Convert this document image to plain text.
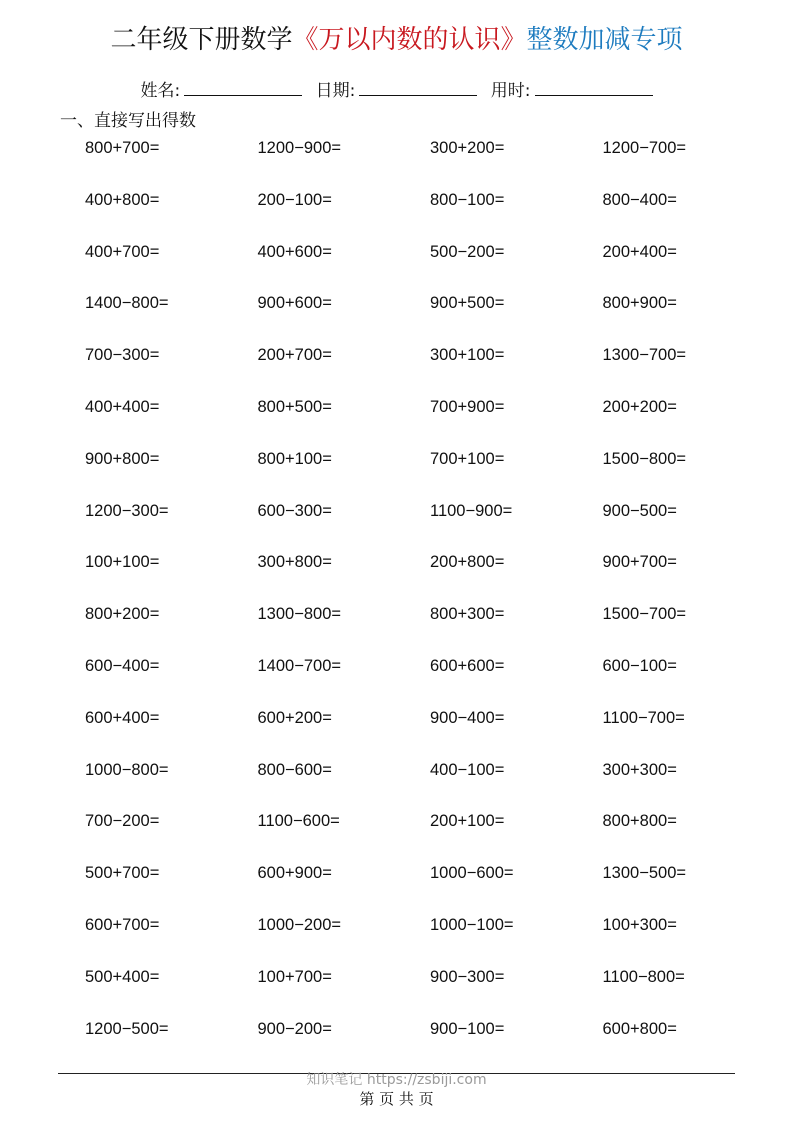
二年级下册数学《万以内数的认识》整数加减专项
姓名:	日期:	用时:
一、直接写出得数
800+700=	1200−900=	300+200=	1200−700=
400+800=	200−100=	800−100=	800−400=
400+700=	400+600=	500−200=	200+400=
1400−800=	900+600=	900+500=	800+900=
700−300=	200+700=	300+100=	1300−700=
400+400=	800+500=	700+900=	200+200=
900+800=	800+100=	700+100=	1500−800=
1200−300=	600−300=	1100−900=	900−500=
100+100=	300+800=	200+800=	900+700=
800+200=	1300−800=	800+300=	1500−700=
600−400=	1400−700=	600+600=	600−100=
600+400=	600+200=	900−400=	1100−700=
1000−800=	800−600=	400−100=	300+300=
700−200=	1100−600=	200+100=	800+800=
500+700=	600+900=	1000−600=	1300−500=
600+700=	1000−200=	1000−100=	100+300=
500+400=	100+700=	900−300=	1100−800=
1200−500=	900−200=	900−100=	600+800=
知识笔记 https://zsbiji.com
第 页 共 页
